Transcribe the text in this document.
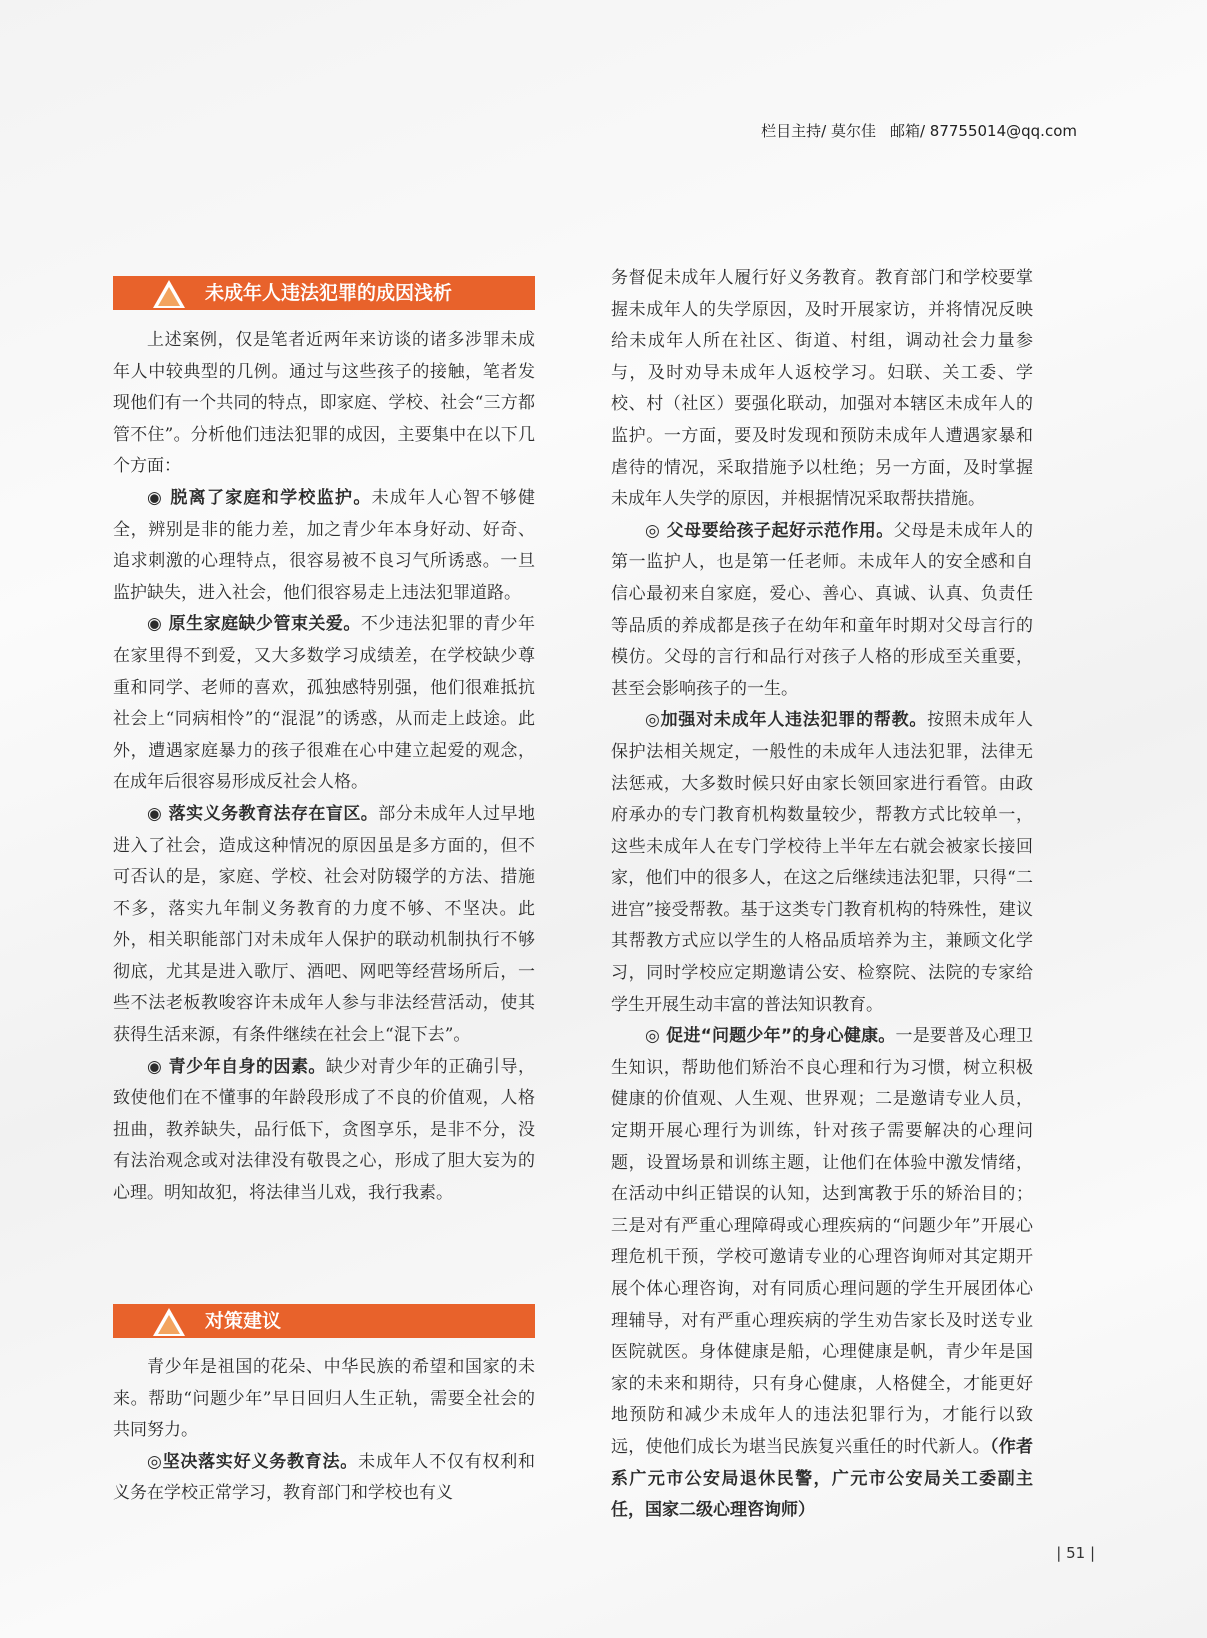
栏目主持/ 莫尔佳 邮箱/ 87755014@qq.com
未成年人违法犯罪的成因浅析

上述案例，仅是笔者近两年来访谈的诸多涉罪未成年人中较典型的几例。通过与这些孩子的接触，笔者发现他们有一个共同的特点，即家庭、学校、社会“三方都管不住”。分析他们违法犯罪的成因，主要集中在以下几个方面：

◉ 脱离了家庭和学校监护。未成年人心智不够健全，辨别是非的能力差，加之青少年本身好动、好奇、追求刺激的心理特点，很容易被不良习气所诱惑。一旦监护缺失，进入社会，他们很容易走上违法犯罪道路。

◉ 原生家庭缺少管束关爱。不少违法犯罪的青少年在家里得不到爱，又大多数学习成绩差，在学校缺少尊重和同学、老师的喜欢，孤独感特别强，他们很难抵抗社会上“同病相怜”的“混混”的诱惑，从而走上歧途。此外，遭遇家庭暴力的孩子很难在心中建立起爱的观念，在成年后很容易形成反社会人格。

◉ 落实义务教育法存在盲区。部分未成年人过早地进入了社会，造成这种情况的原因虽是多方面的，但不可否认的是，家庭、学校、社会对防辍学的方法、措施不多，落实九年制义务教育的力度不够、不坚决。此外，相关职能部门对未成年人保护的联动机制执行不够彻底，尤其是进入歌厅、酒吧、网吧等经营场所后，一些不法老板教唆容许未成年人参与非法经营活动，使其获得生活来源，有条件继续在社会上“混下去”。

◉ 青少年自身的因素。缺少对青少年的正确引导，致使他们在不懂事的年龄段形成了不良的价值观，人格扭曲，教养缺失，品行低下，贪图享乐，是非不分，没有法治观念或对法律没有敬畏之心，形成了胆大妄为的心理。明知故犯，将法律当儿戏，我行我素。

对策建议

青少年是祖国的花朵、中华民族的希望和国家的未来。帮助“问题少年”早日回归人生正轨，需要全社会的共同努力。

◎坚决落实好义务教育法。未成年人不仅有权利和义务在学校正常学习，教育部门和学校也有义

务督促未成年人履行好义务教育。教育部门和学校要掌握未成年人的失学原因，及时开展家访，并将情况反映给未成年人所在社区、街道、村组，调动社会力量参与，及时劝导未成年人返校学习。妇联、关工委、学校、村（社区）要强化联动，加强对本辖区未成年人的监护。一方面，要及时发现和预防未成年人遭遇家暴和虐待的情况，采取措施予以杜绝；另一方面，及时掌握未成年人失学的原因，并根据情况采取帮扶措施。

◎ 父母要给孩子起好示范作用。父母是未成年人的第一监护人，也是第一任老师。未成年人的安全感和自信心最初来自家庭，爱心、善心、真诚、认真、负责任等品质的养成都是孩子在幼年和童年时期对父母言行的模仿。父母的言行和品行对孩子人格的形成至关重要，甚至会影响孩子的一生。

◎加强对未成年人违法犯罪的帮教。按照未成年人保护法相关规定，一般性的未成年人违法犯罪，法律无法惩戒，大多数时候只好由家长领回家进行看管。由政府承办的专门教育机构数量较少，帮教方式比较单一，这些未成年人在专门学校待上半年左右就会被家长接回家，他们中的很多人，在这之后继续违法犯罪，只得“二进宫”接受帮教。基于这类专门教育机构的特殊性，建议其帮教方式应以学生的人格品质培养为主，兼顾文化学习，同时学校应定期邀请公安、检察院、法院的专家给学生开展生动丰富的普法知识教育。

◎ 促进“问题少年”的身心健康。一是要普及心理卫生知识，帮助他们矫治不良心理和行为习惯，树立积极健康的价值观、人生观、世界观；二是邀请专业人员，定期开展心理行为训练，针对孩子需要解决的心理问题，设置场景和训练主题，让他们在体验中激发情绪，在活动中纠正错误的认知，达到寓教于乐的矫治目的；三是对有严重心理障碍或心理疾病的“问题少年”开展心理危机干预，学校可邀请专业的心理咨询师对其定期开展个体心理咨询，对有同质心理问题的学生开展团体心理辅导，对有严重心理疾病的学生劝告家长及时送专业医院就医。身体健康是船，心理健康是帆，青少年是国家的未来和期待，只有身心健康，人格健全，才能更好地预防和减少未成年人的违法犯罪行为，才能行以致远，使他们成长为堪当民族复兴重任的时代新人。（作者系广元市公安局退休民警，广元市公安局关工委副主任，国家二级心理咨询师）

| 51 |
